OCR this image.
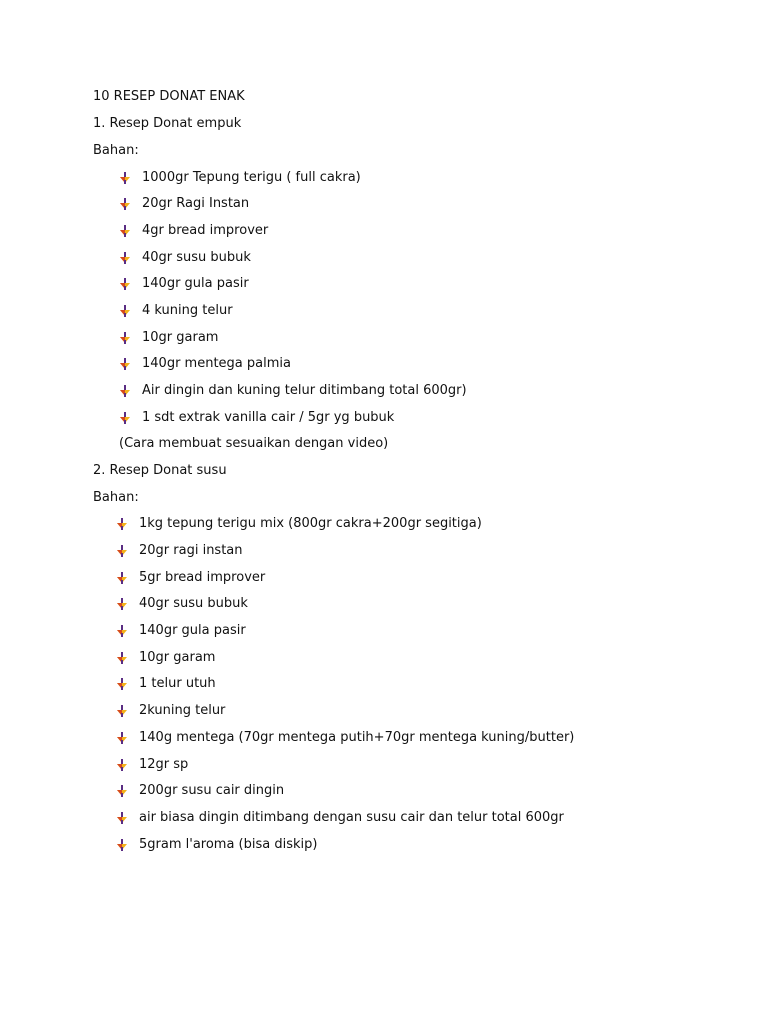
10 RESEP DONAT ENAK
1. Resep Donat empuk
Bahan:
1000gr Tepung terigu ( full cakra)
20gr Ragi Instan
4gr bread improver
40gr susu bubuk
140gr gula pasir
4 kuning telur
10gr garam
140gr mentega palmia
Air dingin dan kuning telur ditimbang total 600gr)
1 sdt extrak vanilla cair / 5gr yg bubuk
(Cara membuat sesuaikan dengan video)
2. Resep Donat susu
Bahan:
1kg tepung terigu mix (800gr cakra+200gr segitiga)
20gr ragi instan
5gr bread improver
40gr susu bubuk
140gr gula pasir
10gr garam
1 telur utuh
2kuning telur
140g mentega (70gr mentega putih+70gr mentega kuning/butter)
12gr sp
200gr susu cair dingin
air biasa dingin ditimbang dengan susu cair dan telur total 600gr
5gram l'aroma (bisa diskip)
